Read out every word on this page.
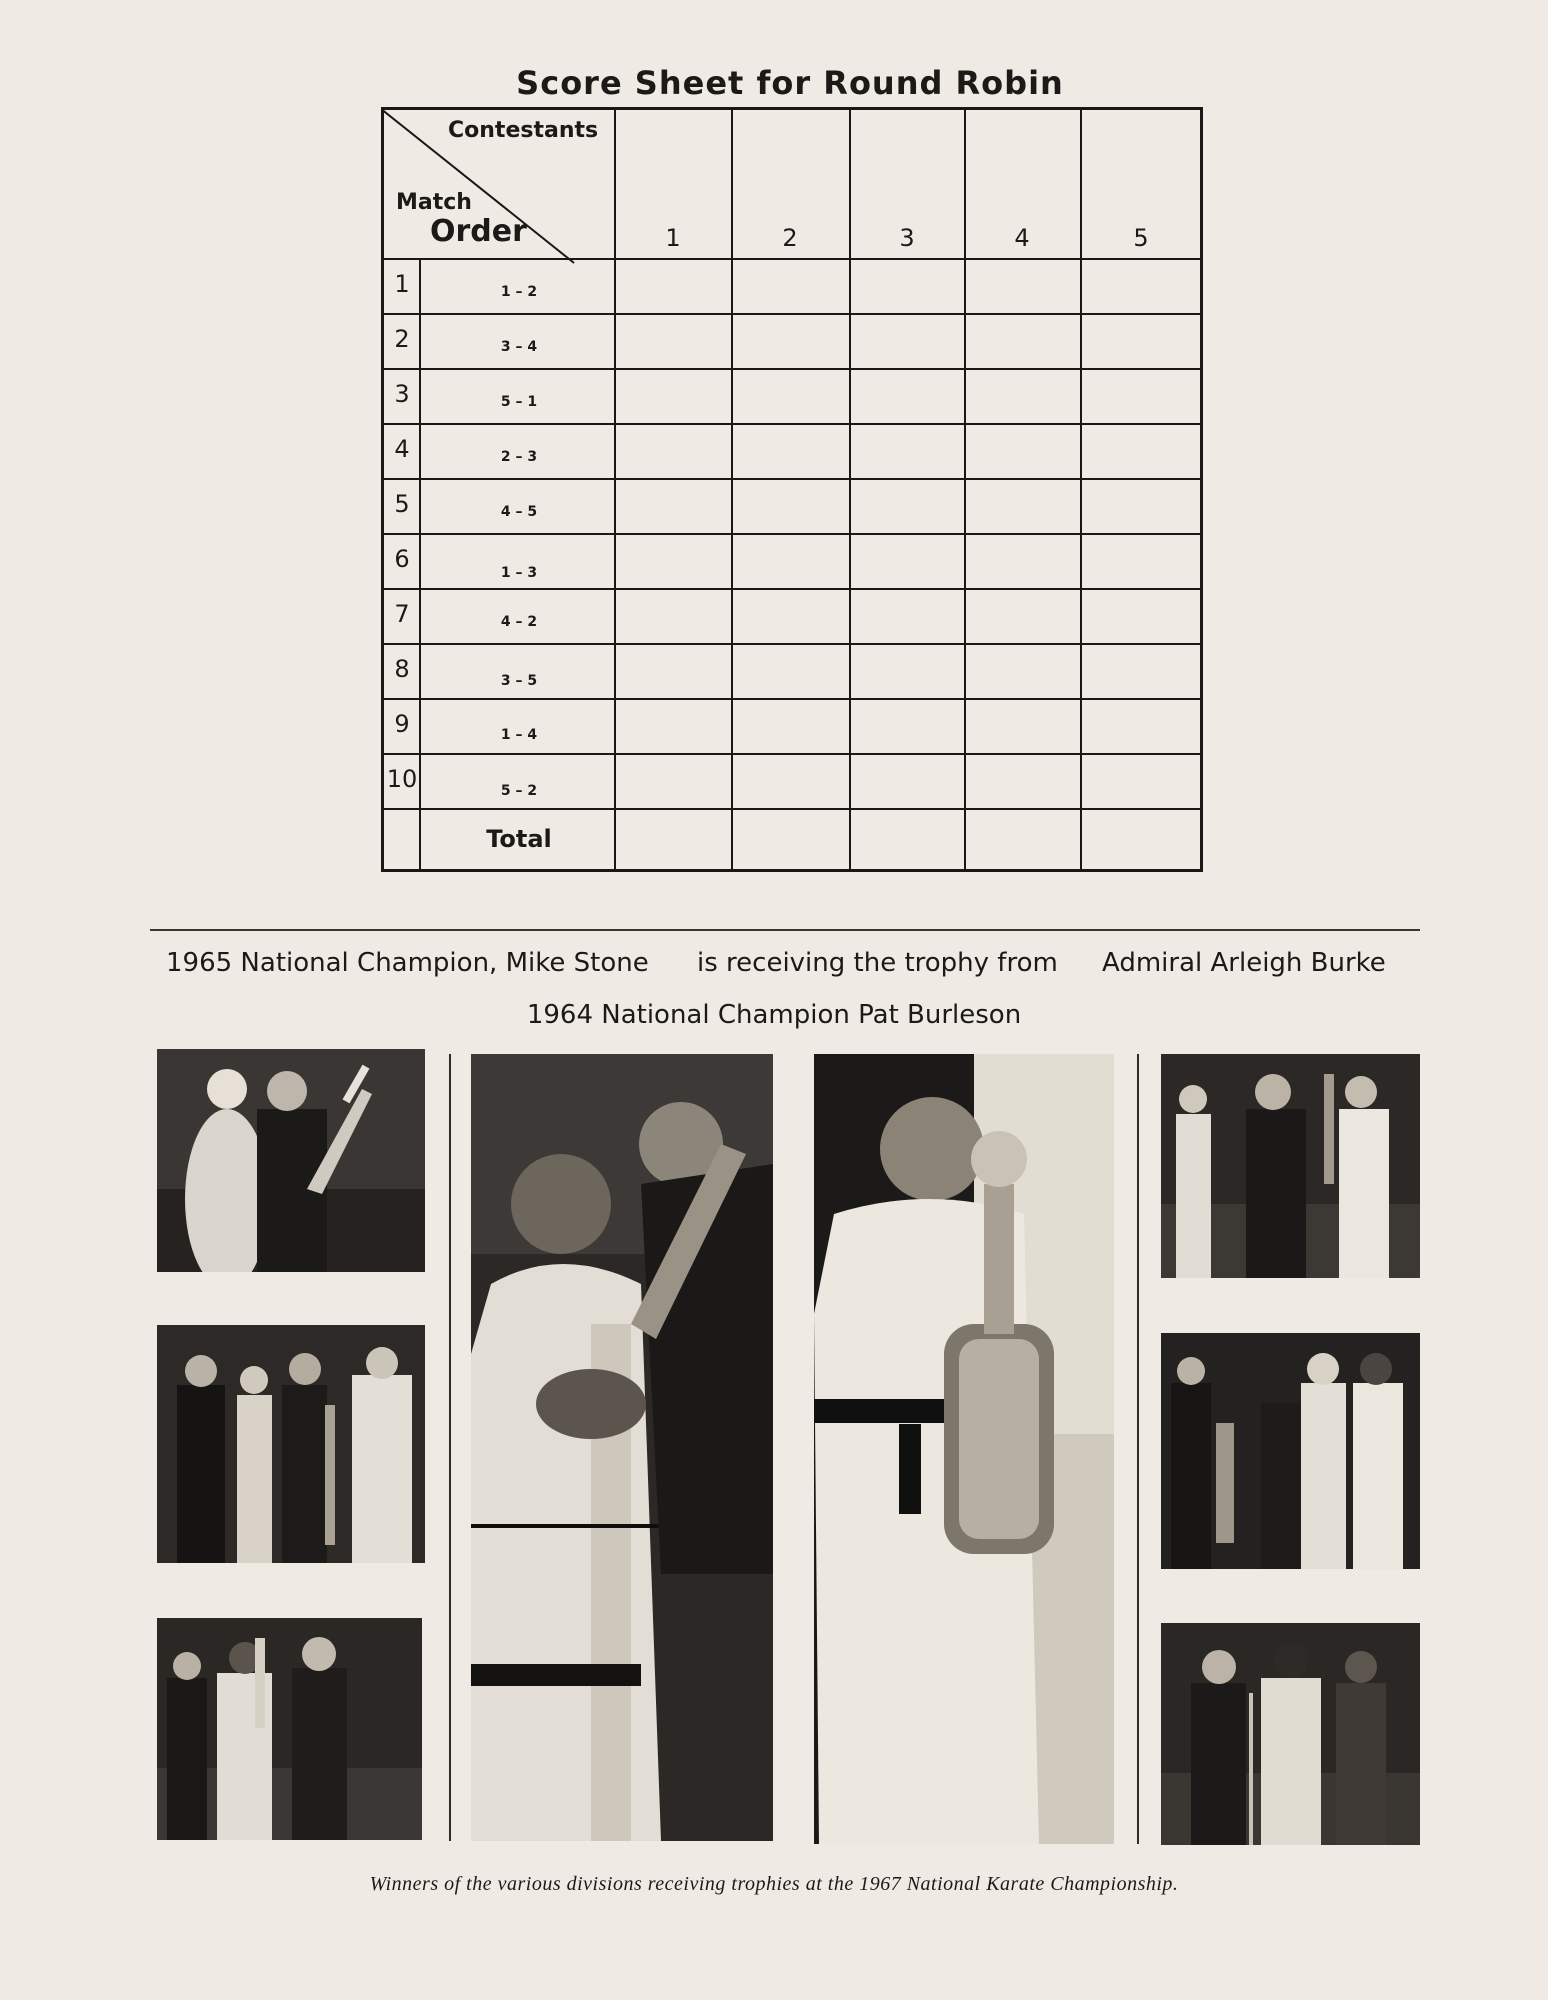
Score Sheet for Round Robin
Contestants
Match
Order	1	2	3	4	5
1	1 – 2
2	3 – 4
3	5 – 1
4	2 – 3
5	4 – 5
6	1 – 3
7	4 – 2
8	3 – 5
9	1 – 4
10	5 – 2
Total
1965 National Champion, Mike Stone is receiving the trophy from Admiral Arleigh Burke
1964 National Champion Pat Burleson
Winners of the various divisions receiving trophies at the 1967 National Karate Championship.
